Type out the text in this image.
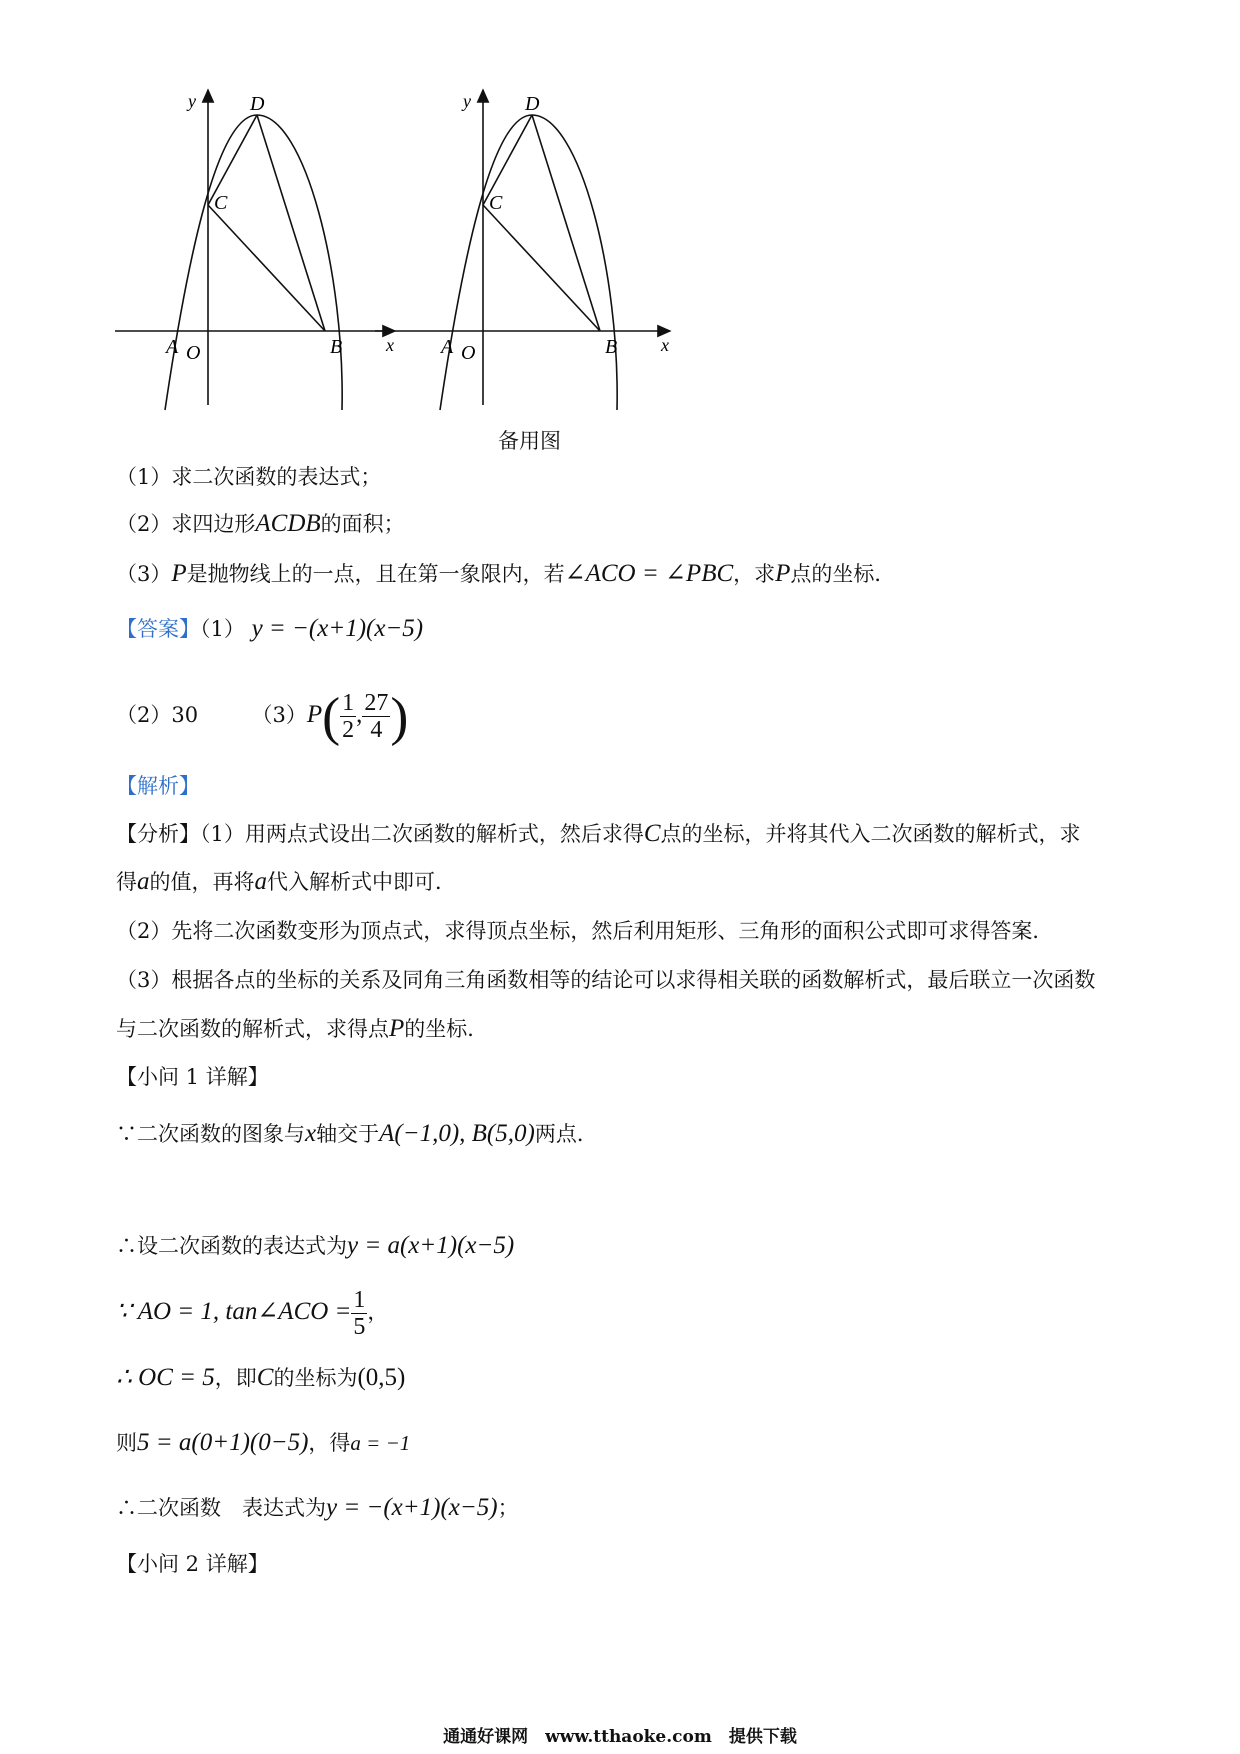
y	D
C
A O	B x
y	D
C
A O	B x
备用图
（1）求二次函数的表达式；
（2）求四边形ACDB的面积；
（3）P是抛物线上的一点，且在第一象限内，若∠ACO = ∠PBC，求P点的坐标．
【答案】（1） y = −(x+1)(x−5)
（2）30	$(3)P( \frac{1}{2}$ , $\frac{27}{4}$ )
【解析】
【分析】（1）用两点式设出二次函数的解析式，然后求得C点的坐标，并将其代入二次函数的解析式，求
得a的值，再将a代入解析式中即可．
（2）先将二次函数变形为顶点式，求得顶点坐标，然后利用矩形、三角形的面积公式即可求得答案．
（3）根据各点的坐标的关系及同角三角函数相等的结论可以求得相关联的函数解析式，最后联立一次函数
与二次函数的解析式，求得点P的坐标．
【小问 1 详解】
∵二次函数的图象与x轴交于A(−1,0), B(5,0)两点．
∴设二次函数的表达式为y = a(x+1)(x−5)
∵ AO = 1, tan∠ACO = $\frac{1}{5}$ ，
∴ OC = 5，即C的坐标为(0,5)
则5 = a(0+1)(0−5)，得a = −1
∴二次函数　表达式为y = −(x+1)(x−5)；
【小问 2 详解】
通通好课网　www.tthaoke.com　提供下载
